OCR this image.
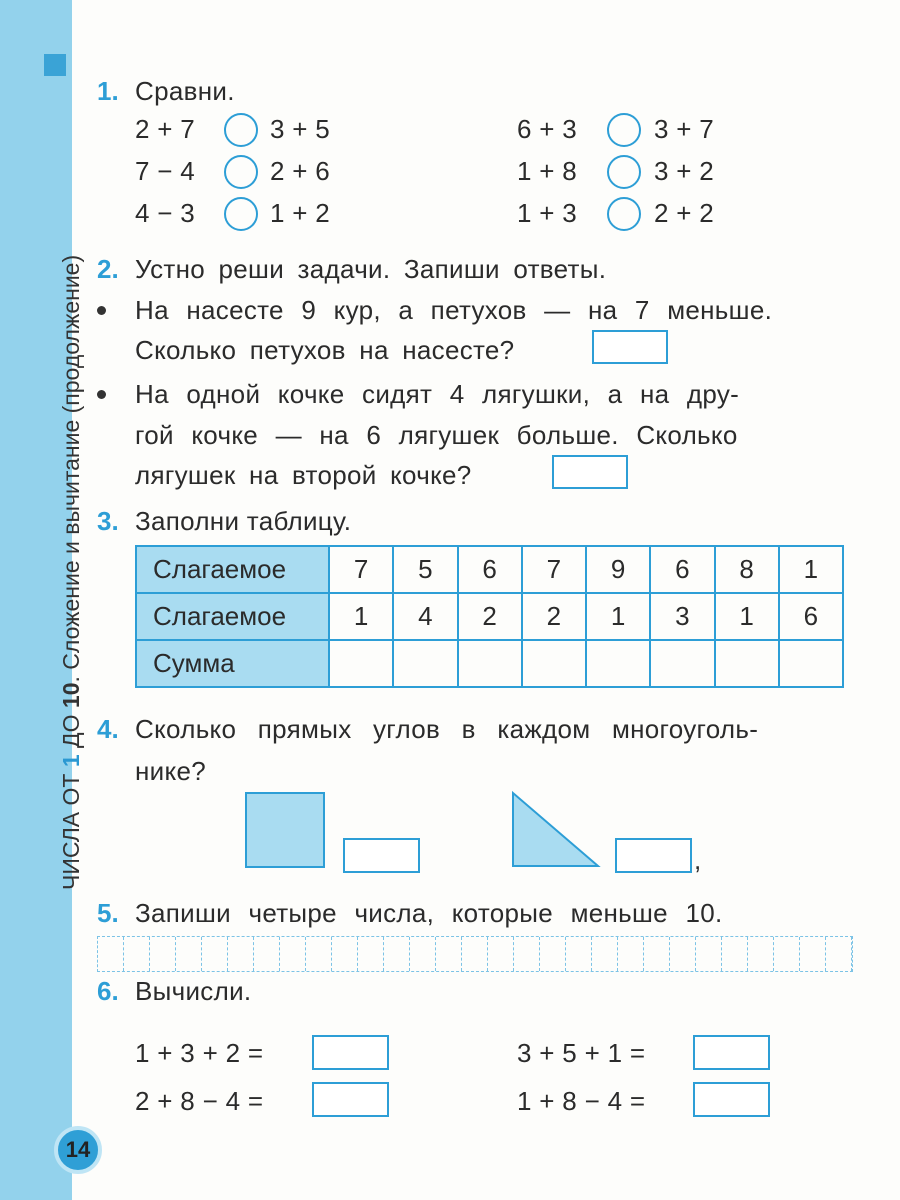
ЧИСЛА ОТ 1 ДО 10. Сложение и вычитание (продолжение)
14
1. Сравни.
2 + 7	3 + 5
7 − 4	2 + 6
4 − 3	1 + 2
6 + 3	3 + 7
1 + 8	3 + 2
1 + 3	2 + 2
2. Устно реши задачи. Запиши ответы.
На насесте 9 кур, а петухов — на 7 меньше.
Сколько петухов на насесте?
На одной кочке сидят 4 лягушки, а на дру-
гой кочке — на 6 лягушек больше. Сколько
лягушек на второй кочке?
3. Заполни таблицу.
Слагаемое	7	5	6	7	9	6	8	1
Слагаемое	1	4	2	2	1	3	1	6
Сумма								
4. Сколько прямых углов в каждом многоуголь-
нике?
,
5. Запиши четыре числа, которые меньше 10.
6. Вычисли.
1 + 3 + 2 =
2 + 8 − 4 =
3 + 5 + 1 =
1 + 8 − 4 =
